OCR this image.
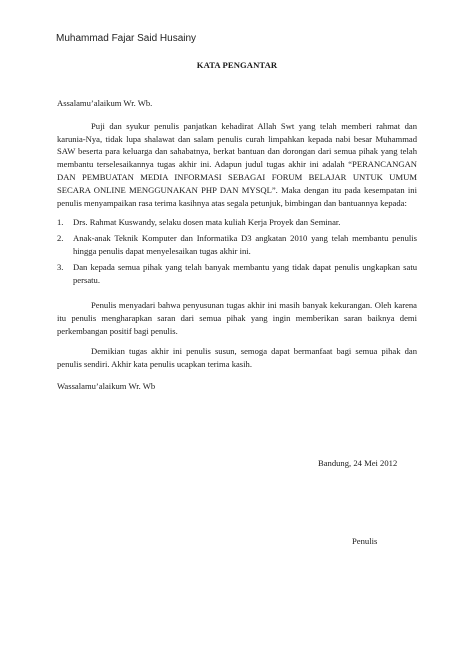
Muhammad Fajar Said Husainy
KATA PENGANTAR

Assalamu’alaikum Wr. Wb.

Puji dan syukur penulis panjatkan kehadirat Allah Swt yang telah memberi rahmat dan karunia-Nya, tidak lupa shalawat dan salam penulis curah limpahkan kepada nabi besar Muhammad SAW beserta para keluarga dan sahabatnya, berkat bantuan dan dorongan dari semua pihak yang telah membantu terselesaikannya tugas akhir ini. Adapun judul tugas akhir ini adalah “PERANCANGAN DAN PEMBUATAN MEDIA INFORMASI SEBAGAI FORUM BELAJAR UNTUK UMUM SECARA ONLINE MENGGUNAKAN PHP DAN MYSQL”. Maka dengan itu pada kesempatan ini penulis menyampaikan rasa terima kasihnya atas segala petunjuk, bimbingan dan bantuannya kepada:

1.	Drs. Rahmat Kuswandy, selaku dosen mata kuliah Kerja Proyek dan Seminar.
2.	Anak-anak Teknik Komputer dan Informatika D3 angkatan 2010 yang telah membantu penulis hingga penulis dapat menyelesaikan tugas akhir ini.
3.	Dan kepada semua pihak yang telah banyak membantu yang tidak dapat penulis ungkapkan satu persatu.

Penulis menyadari bahwa penyusunan tugas akhir ini masih banyak kekurangan. Oleh karena itu penulis mengharapkan saran dari semua pihak yang ingin memberikan saran baiknya demi perkembangan positif bagi penulis.

Demikian tugas akhir ini penulis susun, semoga dapat bermanfaat bagi semua pihak dan penulis sendiri. Akhir kata penulis ucapkan terima kasih.

Wassalamu’alaikum Wr. Wb

Bandung, 24 Mei 2012
Penulis
